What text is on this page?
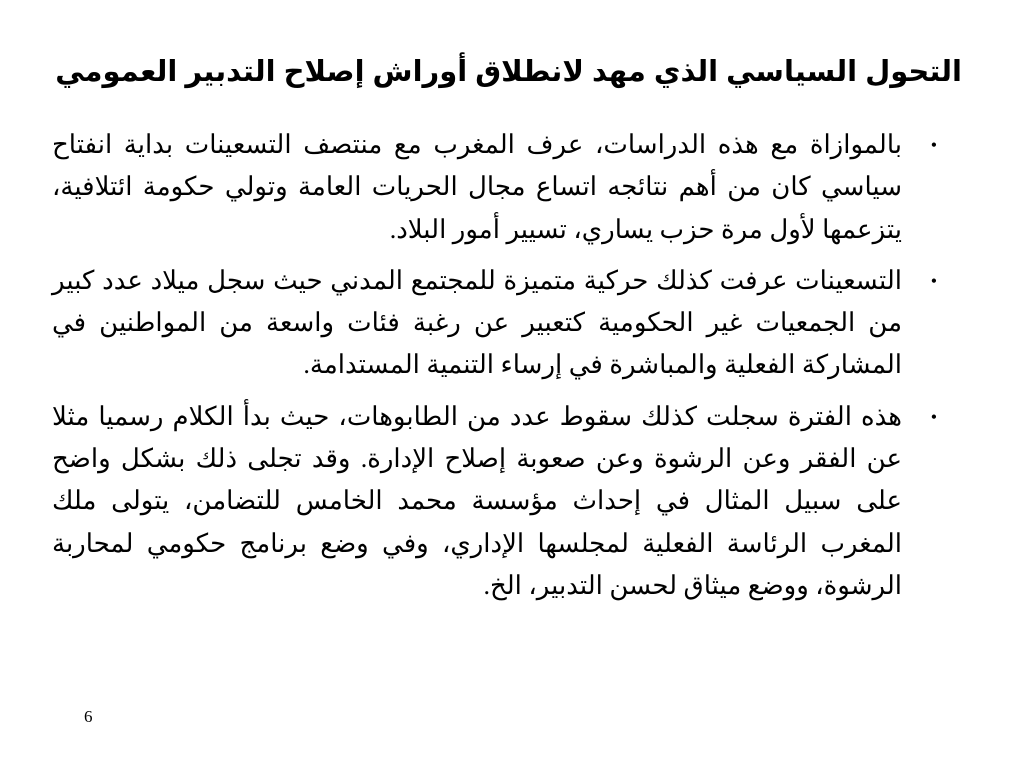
التحول السياسي الذي مهد لانطلاق أوراش إصلاح التدبير العمومي
•
بالموازاة مع هذه الدراسات، عرف المغرب مع منتصف التسعينات بداية انفتاح سياسي كان من أهم نتائجه اتساع مجال الحريات العامة وتولي حكومة ائتلافية، يتزعمها لأول مرة حزب يساري، تسيير أمور البلاد.
•
التسعينات عرفت كذلك حركية متميزة للمجتمع المدني حيث سجل ميلاد عدد كبير من الجمعيات غير الحكومية كتعبير عن رغبة فئات واسعة من المواطنين في المشاركة الفعلية والمباشرة في إرساء التنمية المستدامة.
•
هذه الفترة سجلت كذلك سقوط عدد من الطابوهات، حيث بدأ الكلام رسميا مثلا عن الفقر وعن الرشوة وعن صعوبة إصلاح الإدارة. وقد تجلى ذلك بشكل واضح على سبيل المثال في إحداث مؤسسة محمد الخامس للتضامن، يتولى ملك المغرب الرئاسة الفعلية لمجلسها الإداري، وفي وضع برنامج حكومي لمحاربة الرشوة، ووضع ميثاق لحسن التدبير، الخ.
6
